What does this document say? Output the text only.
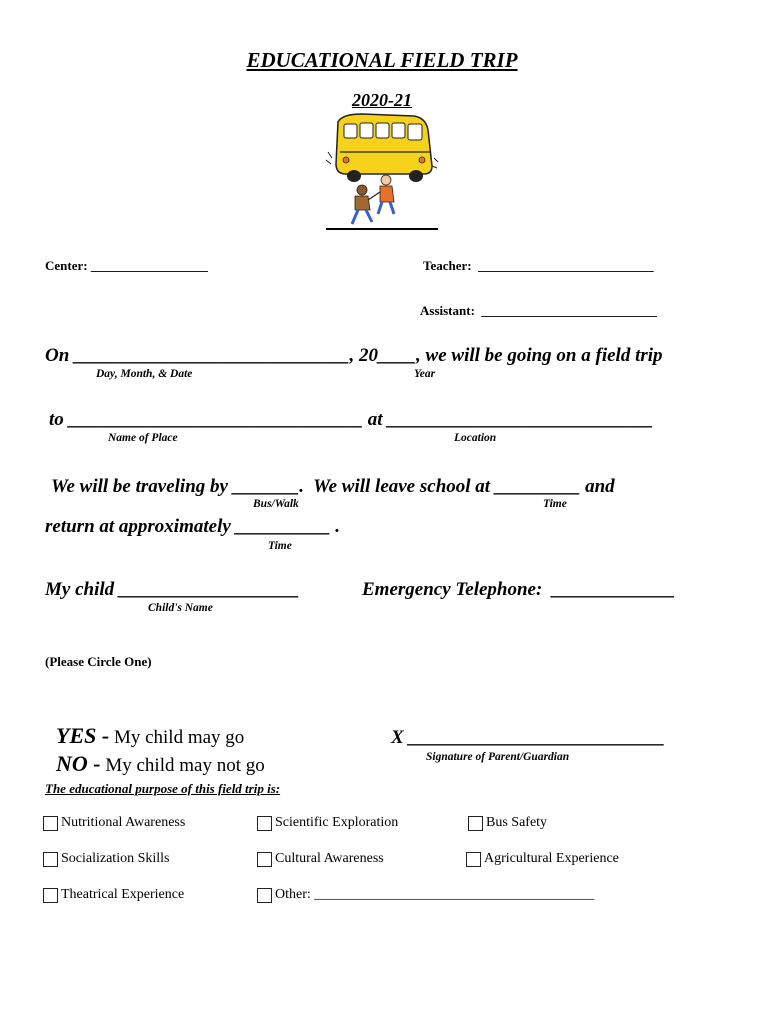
EDUCATIONAL FIELD TRIP
2020-21
Center: __________________	Teacher:  ___________________________
Assistant:  ___________________________
On _____________________________, 20____, we will be going on a field trip
Day, Month, & Date	Year
to _______________________________ at ____________________________
Name of Place	Location
We will be traveling by _______.  We will leave school at _________ and
Bus/Walk	Time
return at approximately __________ .
Time
My child ___________________	Emergency Telephone:  _____________
Child's Name
(Please Circle One)

YES - My child may go

NO - My child may not go

X ___________________________
Signature of Parent/Guardian
The educational purpose of this field trip is:
Nutritional Awareness	Scientific Exploration	Bus Safety
Socialization Skills	Cultural Awareness	Agricultural Experience
Theatrical Experience	Other: ________________________________________
